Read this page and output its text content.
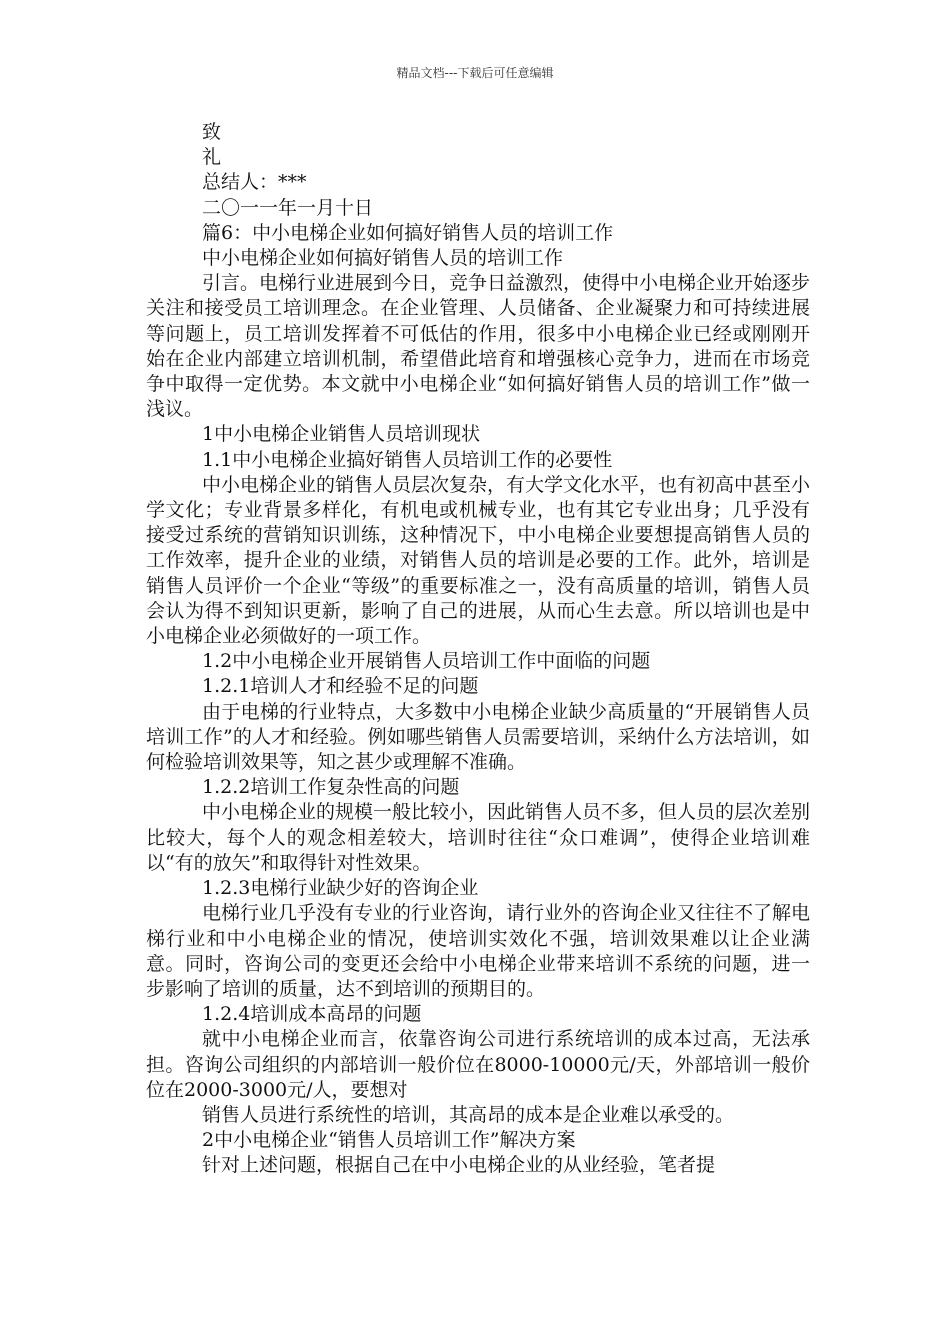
精品文档---下载后可任意编辑
致
礼
总结人：***
二〇一一年一月十日
篇6：中小电梯企业如何搞好销售人员的培训工作
中小电梯企业如何搞好销售人员的培训工作
引言。电梯行业进展到今日，竞争日益激烈，使得中小电梯企业开始逐步关注和接受员工培训理念。在企业管理、人员储备、企业凝聚力和可持续进展等问题上，员工培训发挥着不可低估的作用，很多中小电梯企业已经或刚刚开始在企业内部建立培训机制，希望借此培育和增强核心竞争力，进而在市场竞争中取得一定优势。本文就中小电梯企业“如何搞好销售人员的培训工作”做一浅议。
1中小电梯企业销售人员培训现状
1.1中小电梯企业搞好销售人员培训工作的必要性
中小电梯企业的销售人员层次复杂，有大学文化水平，也有初高中甚至小学文化；专业背景多样化，有机电或机械专业，也有其它专业出身；几乎没有接受过系统的营销知识训练，这种情况下，中小电梯企业要想提高销售人员的工作效率，提升企业的业绩，对销售人员的培训是必要的工作。此外，培训是销售人员评价一个企业“等级”的重要标准之一，没有高质量的培训，销售人员会认为得不到知识更新，影响了自己的进展，从而心生去意。所以培训也是中小电梯企业必须做好的一项工作。
1.2中小电梯企业开展销售人员培训工作中面临的问题
1.2.1培训人才和经验不足的问题
由于电梯的行业特点，大多数中小电梯企业缺少高质量的“开展销售人员培训工作”的人才和经验。例如哪些销售人员需要培训，采纳什么方法培训，如何检验培训效果等，知之甚少或理解不准确。
1.2.2培训工作复杂性高的问题
中小电梯企业的规模一般比较小，因此销售人员不多，但人员的层次差别比较大，每个人的观念相差较大，培训时往往“众口难调”，使得企业培训难以“有的放矢”和取得针对性效果。
1.2.3电梯行业缺少好的咨询企业
电梯行业几乎没有专业的行业咨询，请行业外的咨询企业又往往不了解电梯行业和中小电梯企业的情况，使培训实效化不强，培训效果难以让企业满意。同时，咨询公司的变更还会给中小电梯企业带来培训不系统的问题，进一步影响了培训的质量，达不到培训的预期目的。
1.2.4培训成本高昂的问题
就中小电梯企业而言，依靠咨询公司进行系统培训的成本过高，无法承担。咨询公司组织的内部培训一般价位在8000-10000元/天，外部培训一般价位在2000-3000元/人，要想对
销售人员进行系统性的培训，其高昂的成本是企业难以承受的。
2中小电梯企业“销售人员培训工作”解决方案
针对上述问题，根据自己在中小电梯企业的从业经验，笔者提
